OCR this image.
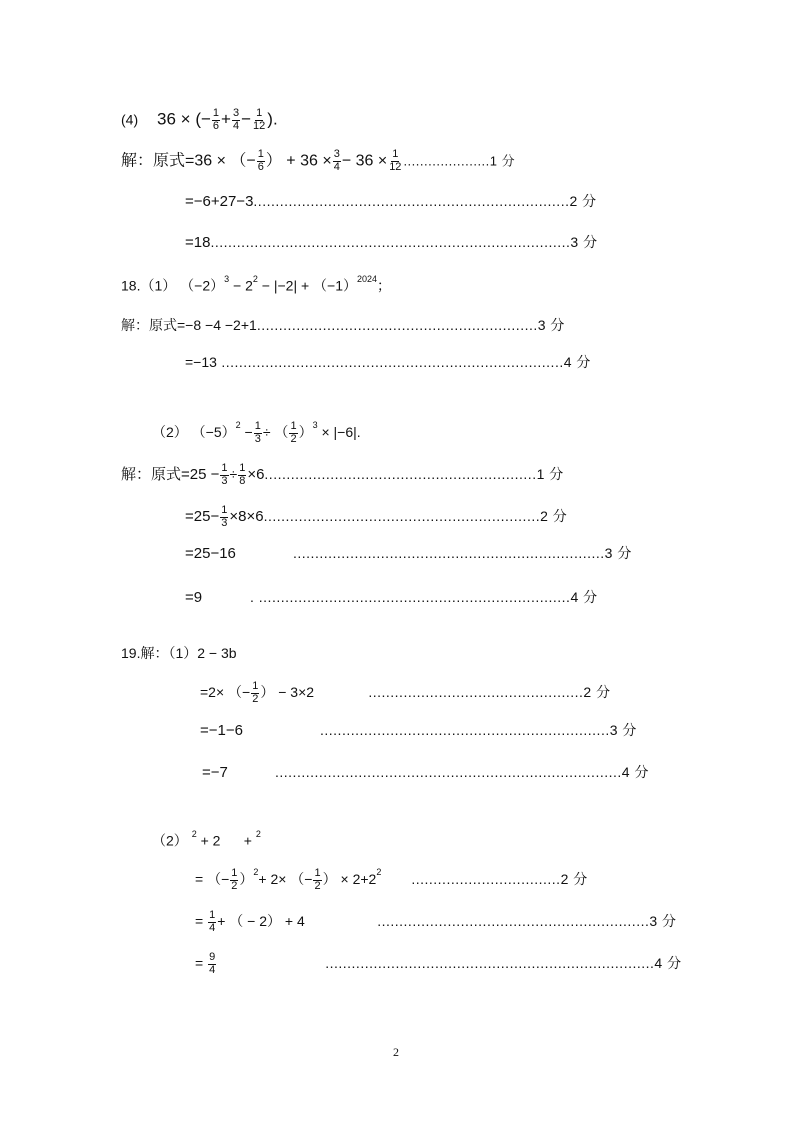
(4) 36 × (− $\frac{1}{6} + \frac{3}{4} - \frac{1}{12}$ ).
解：原式=36 × （− $\frac{1}{6}$ ） + $36 \times \frac{3}{4} - 36 \times \frac{1}{12} .....................1$ 分
=−6+27−3........................................................................2 分
=18..................................................................................3 分
18.（1） $(-2)^3 - 2^2 - |-2| + (-1)^{2024}$；
解：原式=−8 −4 −2+1................................................................3 分
=−13 ..............................................................................4 分
（2） $(-5)^2 - \frac{1}{3}$ ÷ （ $\frac{1}{2} )^3 \times |-6|$.
解：原式$=25 - \frac{1}{3} \div \frac{1}{8} \times 6..............................................................1$ 分
$=25- \frac{1}{3} \times 8\times 6...............................................................2$ 分
=25−16	.......................................................................3 分
=9	. .......................................................................4 分
19.解：（1）2 − 3b
=2× （− $\frac{1}{2}$ ） − 3×2	.................................................2 分
=−1−6	..................................................................3 分
=−7	...............................................................................4 分
（2） $^2$ + 2      + $^2$
= （− $\frac{1}{2} )^2+ 2\times$ （− $\frac{1}{2}$ ） × $2+2^2$ ..................................2 分
= $\frac{1}{4}$ + （ − 2） + 4	..............................................................3 分
= $\frac{9}{4}$	...........................................................................4 分
2
